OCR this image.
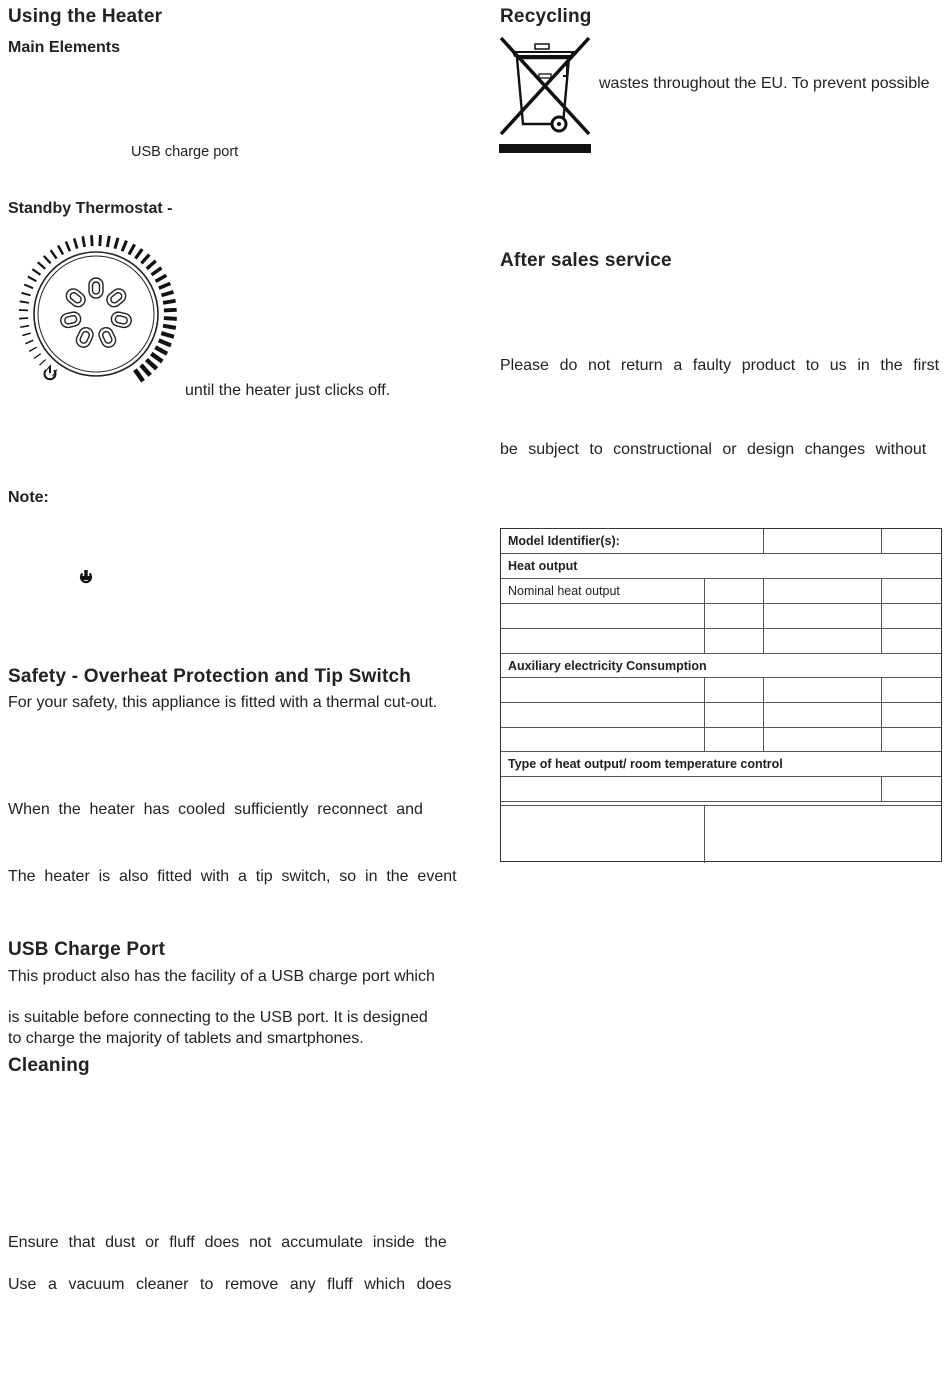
Using the Heater
Main Elements
USB charge port
Standby Thermostat -
until the heater just clicks off.
Note:
Safety - Overheat Protection and Tip Switch
For your safety, this appliance is fitted with a thermal cut-out.
When the heater has cooled sufficiently reconnect and
The heater is also fitted with a tip switch, so in the event
USB Charge Port
This product also has the facility of a USB charge port which
is suitable before connecting to the USB port. It is designed
to charge the majority of tablets and smartphones.
Cleaning
Ensure that dust or fluff does not accumulate inside the
Use a vacuum cleaner to remove any fluff which does
Recycling
wastes throughout the EU. To prevent possible
After sales service
Please do not return a faulty product to us in the first
be subject to constructional or design changes without
Model Identifier(s):
Heat output
Nominal heat output
Auxiliary electricity Consumption
Type of heat output/ room temperature control
